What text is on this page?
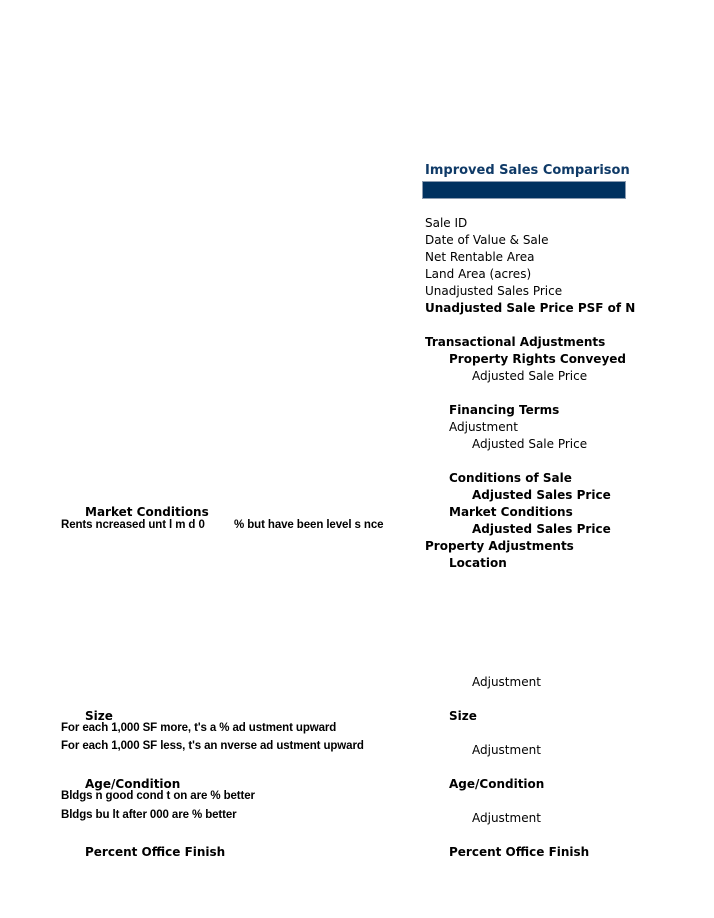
Improved Sales Comparison
Sale ID
Date of Value & Sale
Net Rentable Area
Land Area (acres)
Unadjusted Sales Price
Unadjusted Sale Price PSF of N
Transactional Adjustments
Property Rights Conveyed
Adjusted Sale Price
Financing Terms
Adjustment
Adjusted Sale Price
Conditions of Sale
Adjusted Sales Price
Market Conditions
Adjusted Sales Price
Property Adjustments
Location
Adjustment
Size
Adjustment
Age/Condition
Adjustment
Percent Office Finish
Market Conditions
Rents ncreased unt l m d 0	% but have been level s nce
Size
For each 1,000 SF more, t's a % ad ustment upward
For each 1,000 SF less, t's an nverse ad ustment upward
Age/Condition
Bldgs n good cond t on are % better
Bldgs bu lt after 000 are % better
Percent Office Finish
